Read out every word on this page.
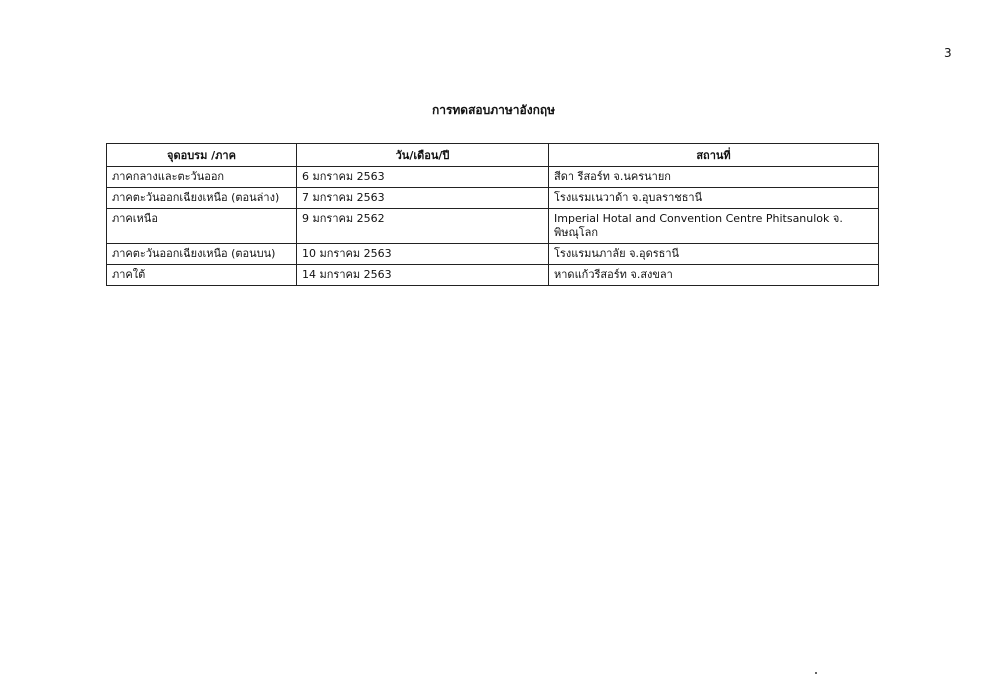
3
การทดสอบภาษาอังกฤษ
จุดอบรม /ภาค	วัน/เดือน/ปี	สถานที่
ภาคกลางและตะวันออก	6 มกราคม 2563	สีดา รีสอร์ท จ.นครนายก
ภาคตะวันออกเฉียงเหนือ (ตอนล่าง)	7 มกราคม 2563	โรงแรมเนวาด้า จ.อุบลราชธานี
ภาคเหนือ	9 มกราคม 2562	Imperial Hotal and Convention Centre Phitsanulok จ. พิษณุโลก
ภาคตะวันออกเฉียงเหนือ (ตอนบน)	10 มกราคม 2563	โรงแรมนภาลัย จ.อุดรธานี
ภาคใต้	14 มกราคม 2563	หาดแก้วรีสอร์ท จ.สงขลา
